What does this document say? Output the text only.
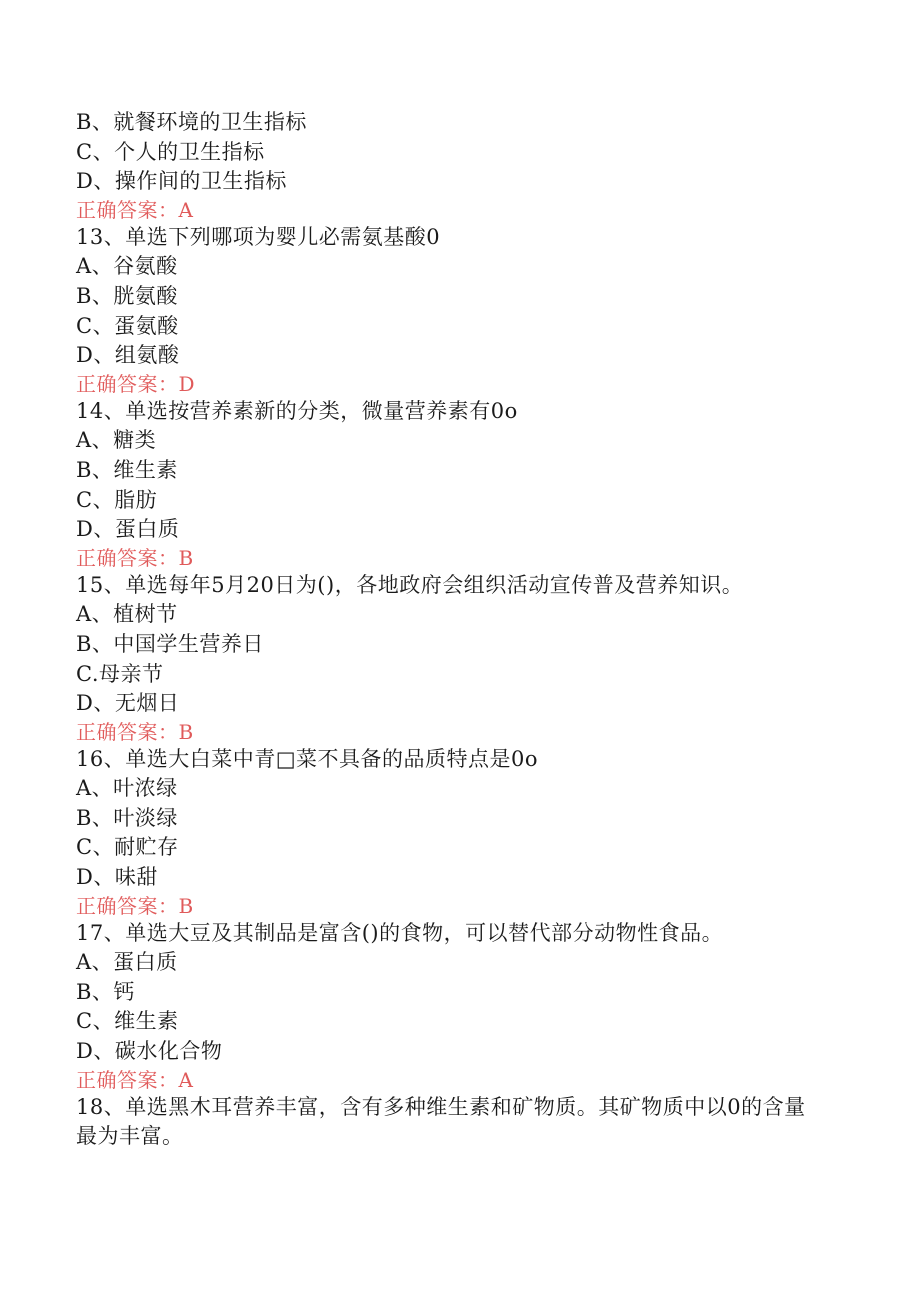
B、就餐环境的卫生指标
C、个人的卫生指标
D、操作间的卫生指标
正确答案：A
13、单选下列哪项为婴儿必需氨基酸0
A、谷氨酸
B、胱氨酸
C、蛋氨酸
D、组氨酸
正确答案：D
14、单选按营养素新的分类，微量营养素有0o
A、糖类
B、维生素
C、脂肪
D、蛋白质
正确答案：B
15、单选每年5月20日为()，各地政府会组织活动宣传普及营养知识。
A、植树节
B、中国学生营养日
C.母亲节
D、无烟日
正确答案：B
16、单选大白菜中青□菜不具备的品质特点是0o
A、叶浓绿
B、叶淡绿
C、耐贮存
D、味甜
正确答案：B
17、单选大豆及其制品是富含()的食物，可以替代部分动物性食品。
A、蛋白质
B、钙
C、维生素
D、碳水化合物
正确答案：A
18、单选黑木耳营养丰富，含有多种维生素和矿物质。其矿物质中以0的含量最为丰富。
